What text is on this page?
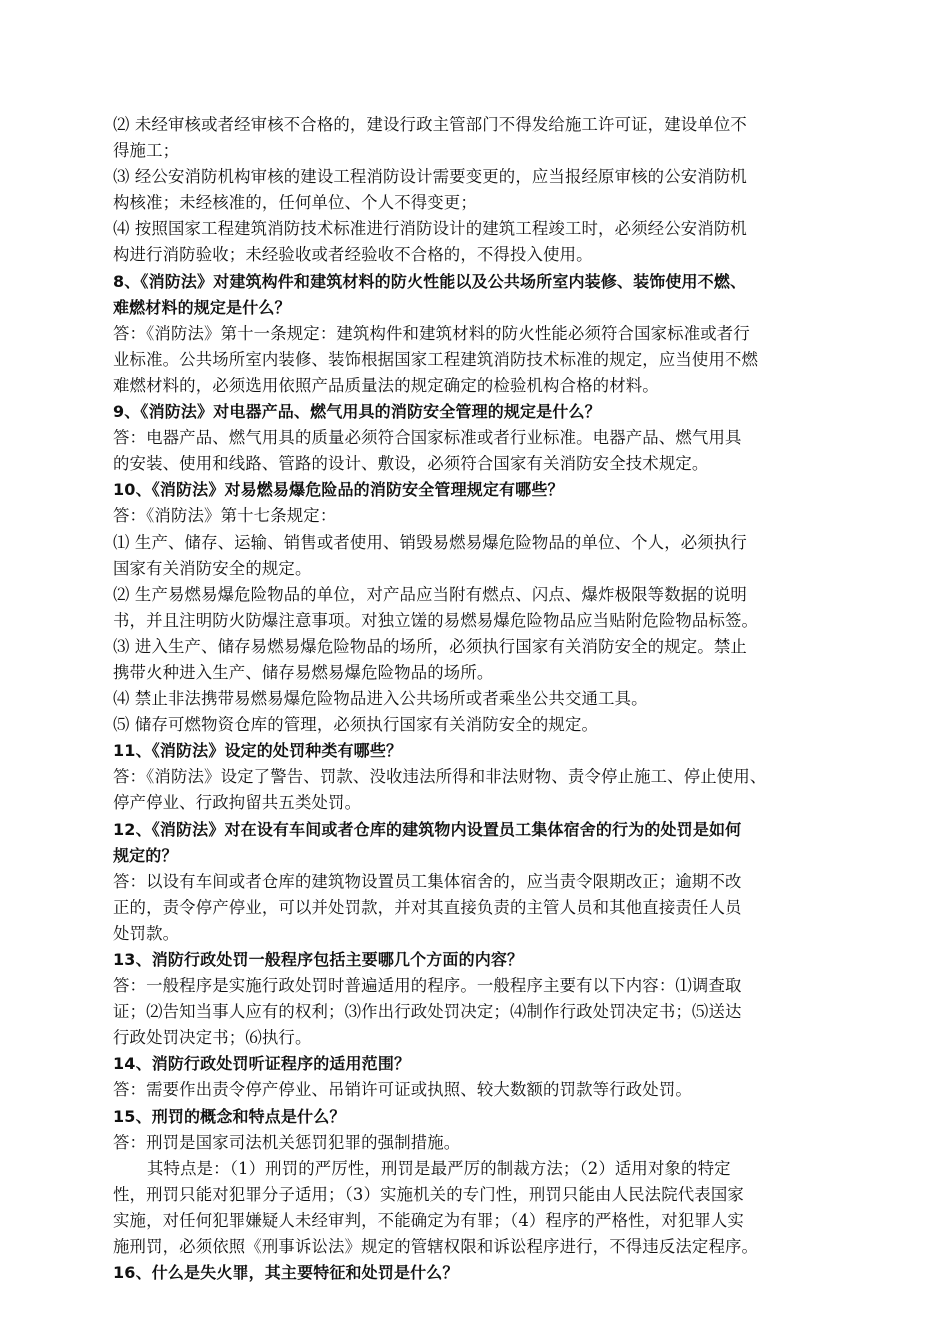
⑵ 未经审核或者经审核不合格的，建设行政主管部门不得发给施工许可证，建设单位不
得施工；
⑶ 经公安消防机构审核的建设工程消防设计需要变更的，应当报经原审核的公安消防机
构核准；未经核准的，任何单位、个人不得变更；
⑷ 按照国家工程建筑消防技术标准进行消防设计的建筑工程竣工时，必须经公安消防机
构进行消防验收；未经验收或者经验收不合格的，不得投入使用。
8、《消防法》对建筑构件和建筑材料的防火性能以及公共场所室内装修、装饰使用不燃、
难燃材料的规定是什么？
答：《消防法》第十一条规定：建筑构件和建筑材料的防火性能必须符合国家标准或者行
业标准。公共场所室内装修、装饰根据国家工程建筑消防技术标准的规定，应当使用不燃
难燃材料的，必须选用依照产品质量法的规定确定的检验机构合格的材料。
9、《消防法》对电器产品、燃气用具的消防安全管理的规定是什么？
答：电器产品、燃气用具的质量必须符合国家标准或者行业标准。电器产品、燃气用具
的安装、使用和线路、管路的设计、敷设，必须符合国家有关消防安全技术规定。
10、《消防法》对易燃易爆危险品的消防安全管理规定有哪些？
答：《消防法》第十七条规定：
⑴ 生产、储存、运输、销售或者使用、销毁易燃易爆危险物品的单位、个人，必须执行
国家有关消防安全的规定。
⑵ 生产易燃易爆危险物品的单位，对产品应当附有燃点、闪点、爆炸极限等数据的说明
书，并且注明防火防爆注意事项。对独立馐的易燃易爆危险物品应当贴附危险物品标签。
⑶ 进入生产、储存易燃易爆危险物品的场所，必须执行国家有关消防安全的规定。禁止
携带火种进入生产、储存易燃易爆危险物品的场所。
⑷ 禁止非法携带易燃易爆危险物品进入公共场所或者乘坐公共交通工具。
⑸ 储存可燃物资仓库的管理，必须执行国家有关消防安全的规定。
11、《消防法》设定的处罚种类有哪些？
答：《消防法》设定了警告、罚款、没收违法所得和非法财物、责令停止施工、停止使用、
停产停业、行政拘留共五类处罚。
12、《消防法》对在设有车间或者仓库的建筑物内设置员工集体宿舍的行为的处罚是如何
规定的？
答：以设有车间或者仓库的建筑物设置员工集体宿舍的，应当责令限期改正；逾期不改
正的，责令停产停业，可以并处罚款，并对其直接负责的主管人员和其他直接责任人员
处罚款。
13、消防行政处罚一般程序包括主要哪几个方面的内容？
答：一般程序是实施行政处罚时普遍适用的程序。一般程序主要有以下内容：⑴调查取
证；⑵告知当事人应有的权利；⑶作出行政处罚决定；⑷制作行政处罚决定书；⑸送达
行政处罚决定书；⑹执行。
14、消防行政处罚听证程序的适用范围？
答：需要作出责令停产停业、吊销许可证或执照、较大数额的罚款等行政处罚。
15、刑罚的概念和特点是什么？
答：刑罚是国家司法机关惩罚犯罪的强制措施。
其特点是：（1）刑罚的严厉性，刑罚是最严厉的制裁方法；（2）适用对象的特定
性，刑罚只能对犯罪分子适用；（3）实施机关的专门性，刑罚只能由人民法院代表国家
实施，对任何犯罪嫌疑人未经审判，不能确定为有罪；（4）程序的严格性，对犯罪人实
施刑罚，必须依照《刑事诉讼法》规定的管辖权限和诉讼程序进行，不得违反法定程序。
16、什么是失火罪，其主要特征和处罚是什么？
